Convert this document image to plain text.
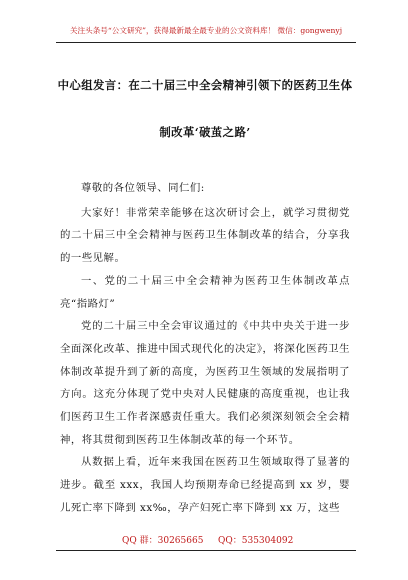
关注头条号“公文研究”，获得最新最全最专业的公文资料库！ 微信：gongwenyj
中心组发言：在二十届三中全会精神引领下的医药卫生体
制改革‘破茧之路’

尊敬的各位领导、同仁们:

大家好！非常荣幸能够在这次研讨会上，就学习贯彻党的二十届三中全会精神与医药卫生体制改革的结合，分享我的一些见解。

一、党的二十届三中全会精神为医药卫生体制改革点亮“指路灯”

党的二十届三中全会审议通过的《中共中央关于进一步全面深化改革、推进中国式现代化的决定》，将深化医药卫生体制改革提升到了新的高度，为医药卫生领域的发展指明了方向。这充分体现了党中央对人民健康的高度重视，也让我们医药卫生工作者深感责任重大。我们必须深刻领会全会精神，将其贯彻到医药卫生体制改革的每一个环节。

从数据上看，近年来我国在医药卫生领域取得了显著的进步。截至 xxx，我国人均预期寿命已经提高到 xx 岁，婴儿死亡率下降到 xx‰，孕产妇死亡率下降到 xx 万，这些

QQ 群：30265665 QQ：535304092
